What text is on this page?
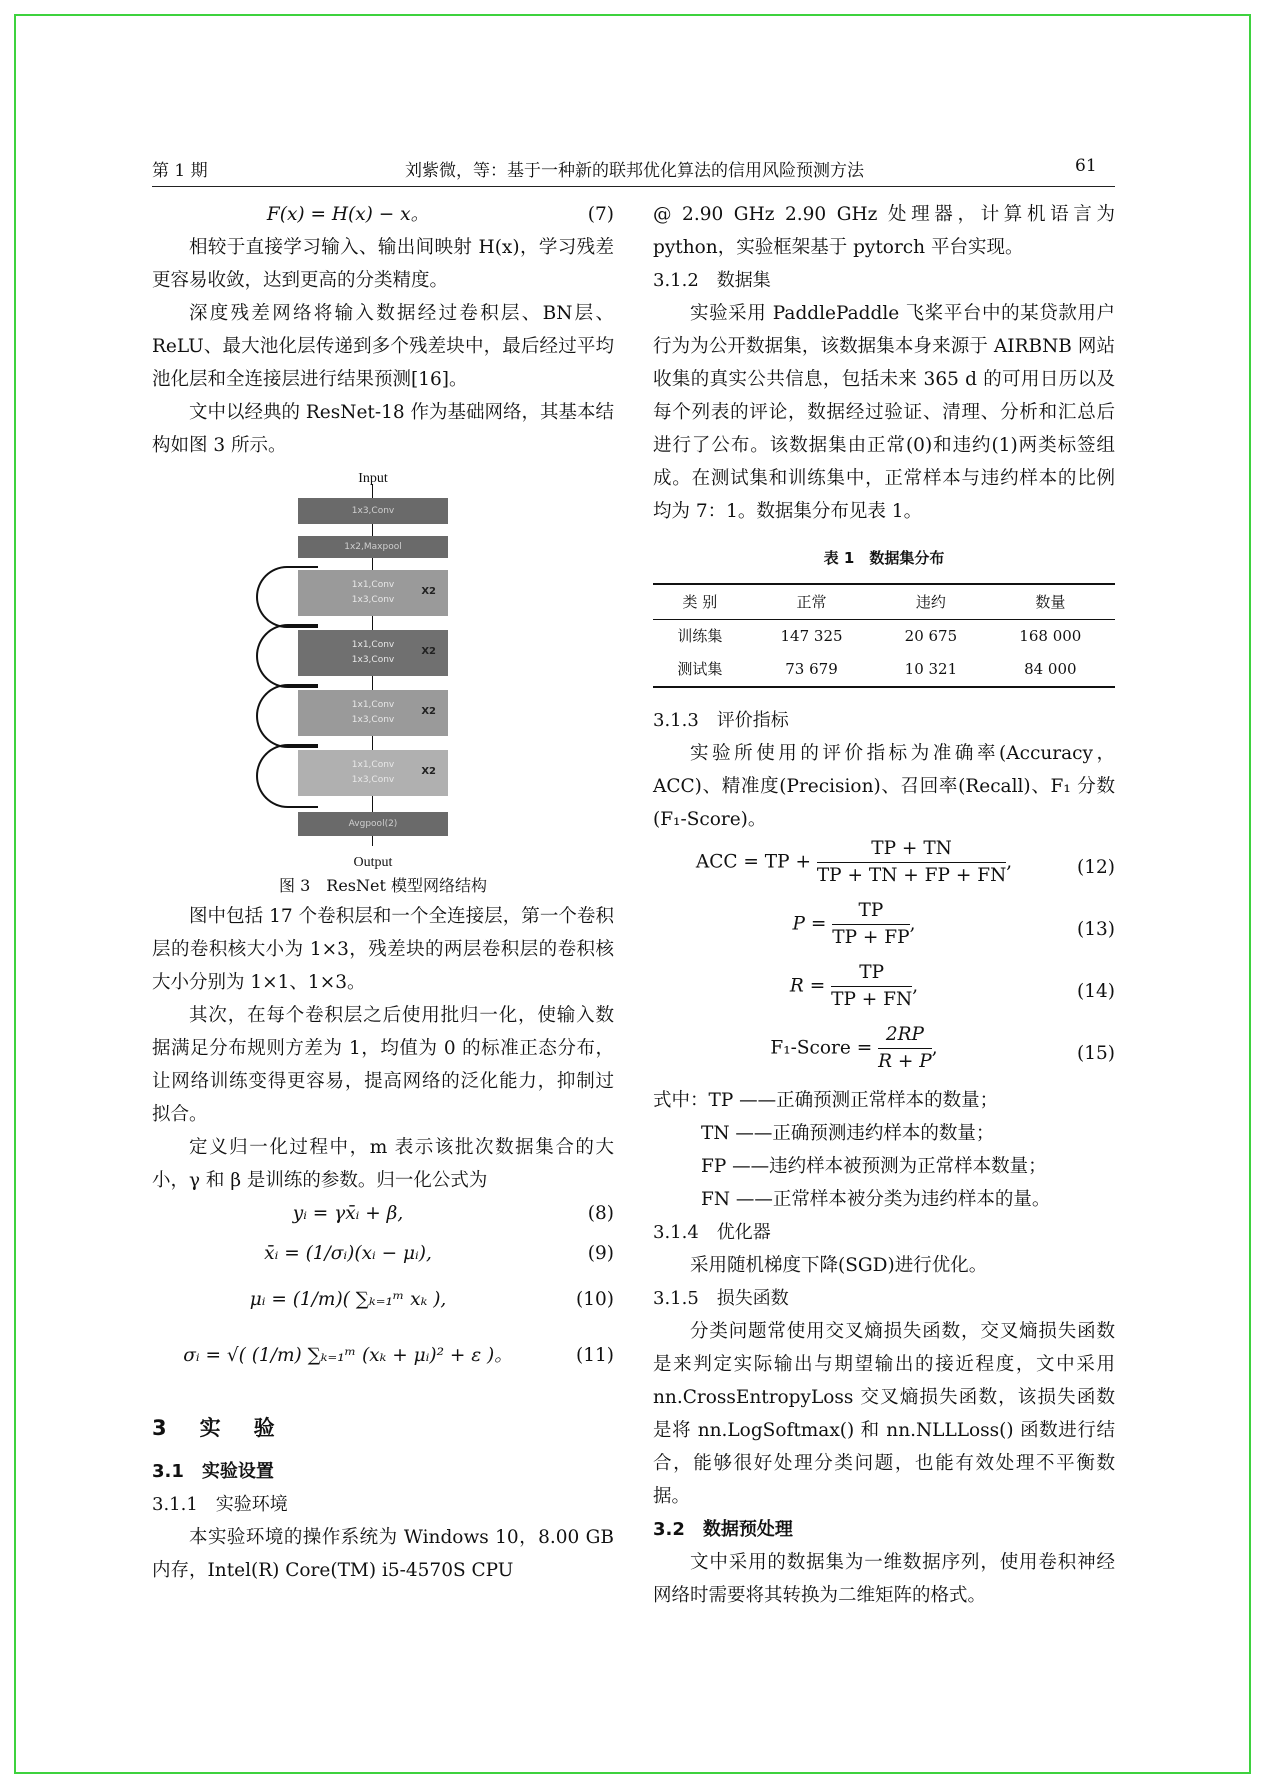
第 1 期	刘紫微，等：基于一种新的联邦优化算法的信用风险预测方法	61
F(x) = H(x) − x。	(7)

相较于直接学习输入、输出间映射 H(x)，学习残差更容易收敛，达到更高的分类精度。

深度残差网络将输入数据经过卷积层、BN层、ReLU、最大池化层传递到多个残差块中，最后经过平均池化层和全连接层进行结果预测[16]。

文中以经典的 ResNet-18 作为基础网络，其基本结构如图 3 所示。

Input
1x3,Conv
1x2,Maxpool
1x1,Conv
1x3,Conv
X2
1x1,Conv
1x3,Conv
X2
1x1,Conv
1x3,Conv
X2
1x1,Conv
1x3,Conv
X2
Avgpool(2)
Output
图 3　ResNet 模型网络结构

图中包括 17 个卷积层和一个全连接层，第一个卷积层的卷积核大小为 1×3，残差块的两层卷积层的卷积核大小分别为 1×1、1×3。

其次，在每个卷积层之后使用批归一化，使输入数据满足分布规则方差为 1，均值为 0 的标准正态分布，让网络训练变得更容易，提高网络的泛化能力，抑制过拟合。

定义归一化过程中，m 表示该批次数据集合的大小，γ 和 β 是训练的参数。归一化公式为

yᵢ = γx̄ᵢ + β,	(8)
x̄ᵢ = (1/σᵢ)(xᵢ − μᵢ),	(9)
μᵢ = (1/m)( ∑ₖ₌₁ᵐ xₖ ),	(10)
σᵢ = √( (1/m) ∑ₖ₌₁ᵐ (xₖ + μᵢ)² + ε )。	(11)
3　实　验
3.1　实验设置
3.1.1　实验环境

本实验环境的操作系统为 Windows 10，8.00 GB内存，Intel(R) Core(TM) i5-4570S CPU

@ 2.90 GHz 2.90 GHz 处理器，计算机语言为 python，实验框架基于 pytorch 平台实现。

3.1.2　数据集

实验采用 PaddlePaddle 飞桨平台中的某贷款用户行为为公开数据集，该数据集本身来源于 AIRBNB 网站收集的真实公共信息，包括未来 365 d 的可用日历以及每个列表的评论，数据经过验证、清理、分析和汇总后进行了公布。该数据集由正常(0)和违约(1)两类标签组成。在测试集和训练集中，正常样本与违约样本的比例均为 7：1。数据集分布见表 1。

表 1　数据集分布
类 别	正常	违约	数量
训练集	147 325	20 675	168 000
测试集	73 679	10 321	84 000
3.1.3　评价指标

实验所使用的评价指标为准确率(Accuracy，ACC)、精准度(Precision)、召回率(Recall)、F₁ 分数(F₁-Score)。

ACC = TP + $\frac{TP + TN}{TP + TN + FP + FN}$ ,	(12)
$P = \frac{TP}{TP + FP}$ ,	(13)
$R = \frac{TP}{TP + FN}$ ,	(14)
F₁-Score = $\frac{2RP}{R + P}$ ,	(15)
式中：TP ——正确预测正常样本的数量；
TN ——正确预测违约样本的数量；
FP ——违约样本被预测为正常样本数量；
FN ——正常样本被分类为违约样本的量。
3.1.4　优化器

采用随机梯度下降(SGD)进行优化。

3.1.5　损失函数

分类问题常使用交叉熵损失函数，交叉熵损失函数是来判定实际输出与期望输出的接近程度，文中采用 nn.CrossEntropyLoss 交叉熵损失函数，该损失函数是将 nn.LogSoftmax() 和 nn.NLLLoss() 函数进行结合，能够很好处理分类问题，也能有效处理不平衡数据。

3.2　数据预处理

文中采用的数据集为一维数据序列，使用卷积神经网络时需要将其转换为二维矩阵的格式。
